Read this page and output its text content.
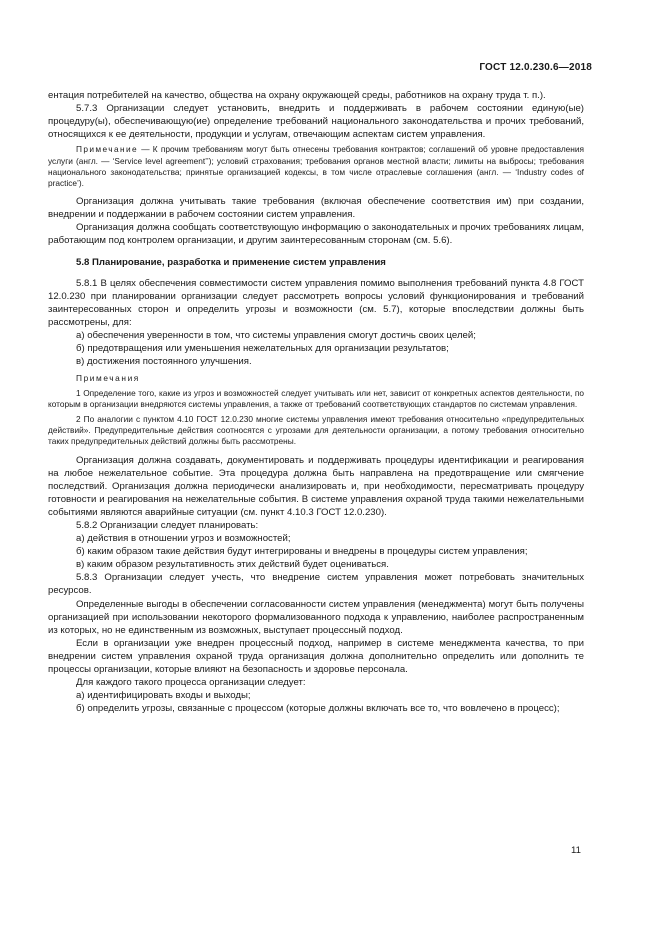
ГОСТ 12.0.230.6—2018

ентация потребителей на качество, общества на охрану окружающей среды, работников на охрану труда т. п.).

5.7.3 Организации следует установить, внедрить и поддерживать в рабочем состоянии единую(ые) процедуру(ы), обеспечивающую(ие) определение требований национального законодательства и прочих требований, относящихся к ее деятельности, продукции и услугам, отвечающим аспектам систем управления.

Примечание — К прочим требованиям могут быть отнесены требования контрактов; соглашений об уровне предоставления услуги (англ. — ‘Service level agreement’’); условий страхования; требования органов местной власти; лимиты на выбросы; требования национального законодательства; принятые организацией кодексы, в том числе отраслевые соглашения (англ. — ‘Industry codes of practice’).

Организация должна учитывать такие требования (включая обеспечение соответствия им) при создании, внедрении и поддержании в рабочем состоянии систем управления.

Организация должна сообщать соответствующую информацию о законодательных и прочих требованиях лицам, работающим под контролем организации, и другим заинтересованным сторонам (см. 5.6).

5.8 Планирование, разработка и применение систем управления

5.8.1 В целях обеспечения совместимости систем управления помимо выполнения требований пункта 4.8 ГОСТ 12.0.230 при планировании организации следует рассмотреть вопросы условий функционирования и требований заинтересованных сторон и определить угрозы и возможности (см. 5.7), которые впоследствии должны быть рассмотрены, для:

а) обеспечения уверенности в том, что системы управления смогут достичь своих целей;

б) предотвращения или уменьшения нежелательных для организации результатов;

в) достижения постоянного улучшения.

Примечания

1 Определение того, какие из угроз и возможностей следует учитывать или нет, зависит от конкретных аспектов деятельности, по которым в организации внедряются системы управления, а также от требований соответствующих стандартов по системам управления.

2 По аналогии с пунктом 4.10 ГОСТ 12.0.230 многие системы управления имеют требования относительно «предупредительных действий». Предупредительные действия соотносятся с угрозами для деятельности организации, а потому требования относительно таких предупредительных действий должны быть рассмотрены.

Организация должна создавать, документировать и поддерживать процедуры идентификации и реагирования на любое нежелательное событие. Эта процедура должна быть направлена на предотвращение или смягчение последствий. Организация должна периодически анализировать и, при необходимости, пересматривать процедуру готовности и реагирования на нежелательные события. В системе управления охраной труда такими нежелательными событиями являются аварийные ситуации (см. пункт 4.10.3 ГОСТ 12.0.230).

5.8.2 Организации следует планировать:

а) действия в отношении угроз и возможностей;

б) каким образом такие действия будут интегрированы и внедрены в процедуры систем управления;

в) каким образом результативность этих действий будет оцениваться.

5.8.3 Организации следует учесть, что внедрение систем управления может потребовать значительных ресурсов.

Определенные выгоды в обеспечении согласованности систем управления (менеджмента) могут быть получены организацией при использовании некоторого формализованного подхода к управлению, наиболее распространенным из которых, но не единственным из возможных, выступает процессный подход.

Если в организации уже внедрен процессный подход, например в системе менеджмента качества, то при внедрении систем управления охраной труда организация должна дополнительно определить или дополнить те процессы организации, которые влияют на безопасность и здоровье персонала.

Для каждого такого процесса организации следует:

а) идентифицировать входы и выходы;

б) определить угрозы, связанные с процессом (которые должны включать все то, что вовлечено в процесс);

11
